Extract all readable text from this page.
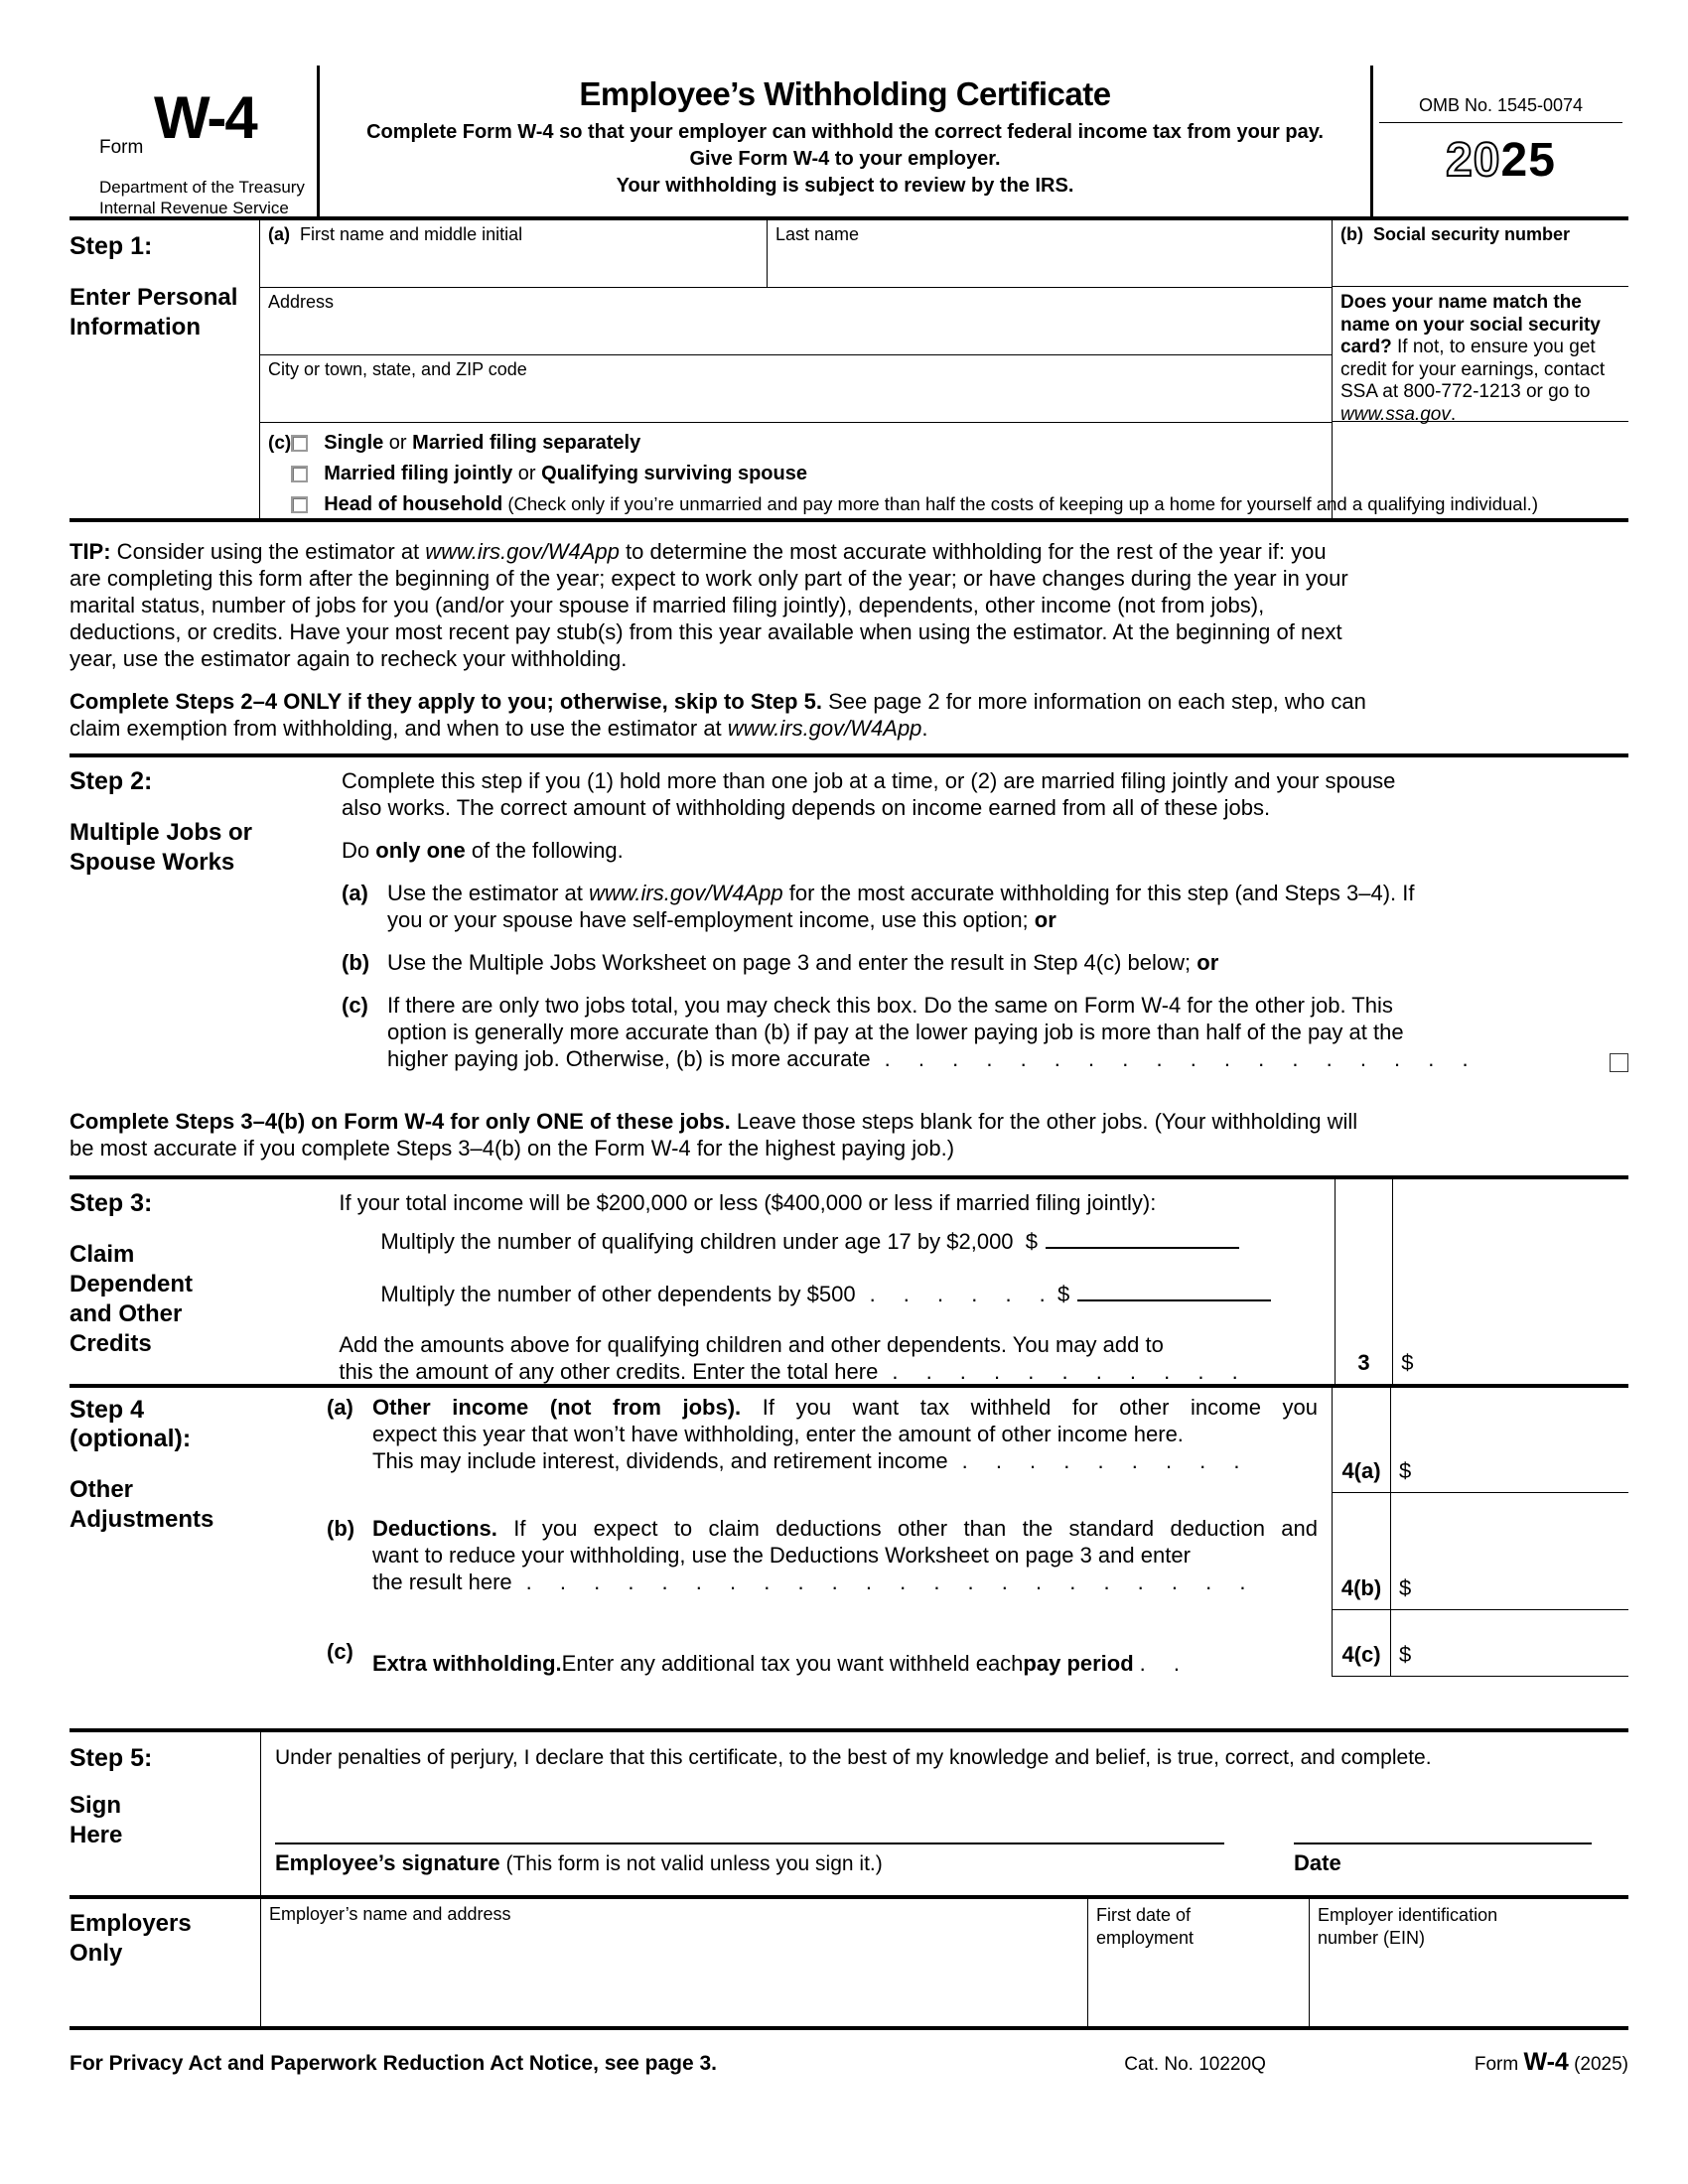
Form W-4
Department of the Treasury
Internal Revenue Service
Employee’s Withholding Certificate
Complete Form W-4 so that your employer can withhold the correct federal income tax from your pay.
Give Form W-4 to your employer.
Your withholding is subject to review by the IRS.
OMB No. 1545-0074
2025
Step 1:
Enter Personal Information
(a) First name and middle initial	Last name
Address
City or town, state, and ZIP code
(c) Single or Married filing separately
Married filing jointly or Qualifying surviving spouse
Head of household (Check only if you’re unmarried and pay more than half the costs of keeping up a home for yourself and a qualifying individual.)
(b) Social security number
Does your name match the name on your social security card? If not, to ensure you get credit for your earnings, contact SSA at 800-772-1213 or go to www.ssa.gov.
TIP: Consider using the estimator at www.irs.gov/W4App to determine the most accurate withholding for the rest of the year if: you
are completing this form after the beginning of the year; expect to work only part of the year; or have changes during the year in your
marital status, number of jobs for you (and/or your spouse if married filing jointly), dependents, other income (not from jobs),
deductions, or credits. Have your most recent pay stub(s) from this year available when using the estimator. At the beginning of next
year, use the estimator again to recheck your withholding.
Complete Steps 2–4 ONLY if they apply to you; otherwise, skip to Step 5. See page 2 for more information on each step, who can
claim exemption from withholding, and when to use the estimator at www.irs.gov/W4App.
Step 2:
Multiple Jobs or Spouse Works
Complete this step if you (1) hold more than one job at a time, or (2) are married filing jointly and your spouse
also works. The correct amount of withholding depends on income earned from all of these jobs.
Do only one of the following.
(a) Use the estimator at www.irs.gov/W4App for the most accurate withholding for this step (and Steps 3–4). If
you or your spouse have self-employment income, use this option; or
(b) Use the Multiple Jobs Worksheet on page 3 and enter the result in Step 4(c) below; or
(c) If there are only two jobs total, you may check this box. Do the same on Form W-4 for the other job. This
option is generally more accurate than (b) if pay at the lower paying job is more than half of the pay at the
higher paying job. Otherwise, (b) is more accurate . . . . . . . . . . . . . . . . . .
Complete Steps 3–4(b) on Form W-4 for only ONE of these jobs. Leave those steps blank for the other jobs. (Your withholding will
be most accurate if you complete Steps 3–4(b) on the Form W-4 for the highest paying job.)
Step 3:
Claim Dependent and Other Credits
If your total income will be $200,000 or less ($400,000 or less if married filing jointly):
Multiply the number of qualifying children under age 17 by $2,000 $
Multiply the number of other dependents by $500 . . . . . . $
Add the amounts above for qualifying children and other dependents. You may add to
this the amount of any other credits. Enter the total here . . . . . . . . . . .	3	$
Step 4
(optional):
Other Adjustments
(a) Other income (not from jobs). If you want tax withheld for other income you
expect this year that won’t have withholding, enter the amount of other income here.
This may include interest, dividends, and retirement income . . . . . . . . .	4(a) $
(b) Deductions. If you expect to claim deductions other than the standard deduction and
want to reduce your withholding, use the Deductions Worksheet on page 3 and enter
the result here . . . . . . . . . . . . . . . . . . . . . .	4(b) $
(c) Extra withholding. Enter any additional tax you want withheld each pay period . .	4(c) $
Step 5:
Sign
Here
Under penalties of perjury, I declare that this certificate, to the best of my knowledge and belief, is true, correct, and complete.
Employee’s signature (This form is not valid unless you sign it.)	Date
Employers
Only
Employer’s name and address	First date of
employment
Employer identification
number (EIN)
For Privacy Act and Paperwork Reduction Act Notice, see page 3.	Cat. No. 10220Q	Form W-4 (2025)
